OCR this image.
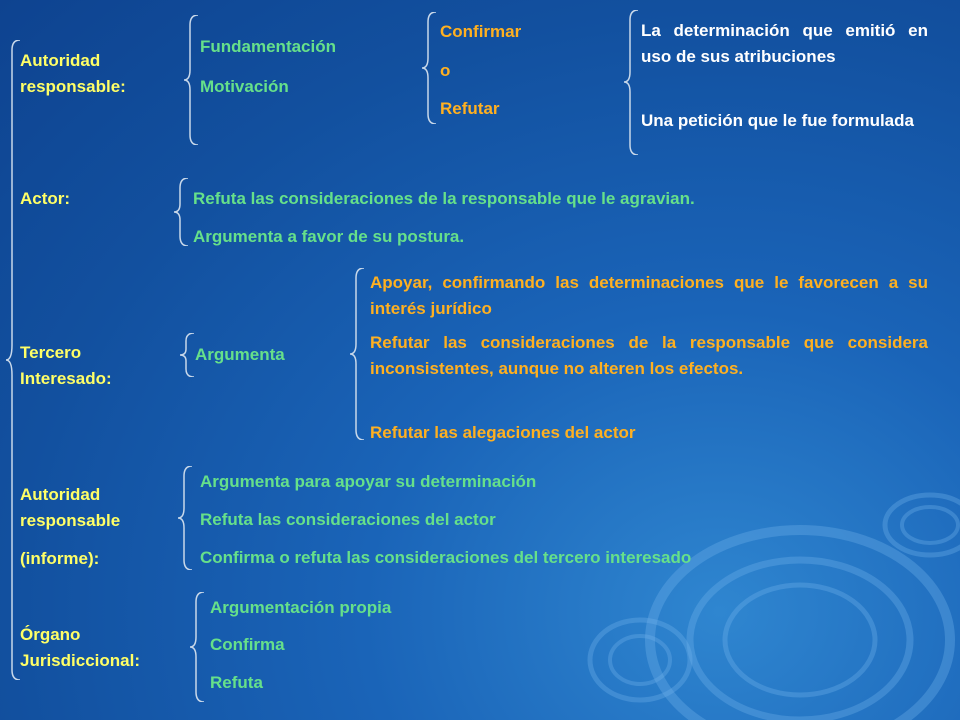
Autoridad responsable:

Fundamentación

Motivación

Confirmar

o

Refutar

La determinación que emitió en uso de sus atribuciones

Una petición que le fue formulada

Actor:	Refuta las consideraciones de la responsable que le agravian.

Argumenta a favor de su postura.

Tercero Interesado:

Argumenta

Apoyar, confirmando las determinaciones que le favorecen a su interés jurídico

Refutar las consideraciones de la responsable que considera inconsistentes, aunque no alteren los efectos.

Refutar las alegaciones del actor

Autoridad responsable

(informe):

Argumenta para apoyar su determinación

Refuta las consideraciones del actor

Confirma o refuta las consideraciones del tercero interesado

Órgano Jurisdiccional:

Argumentación propia

Confirma

Refuta
